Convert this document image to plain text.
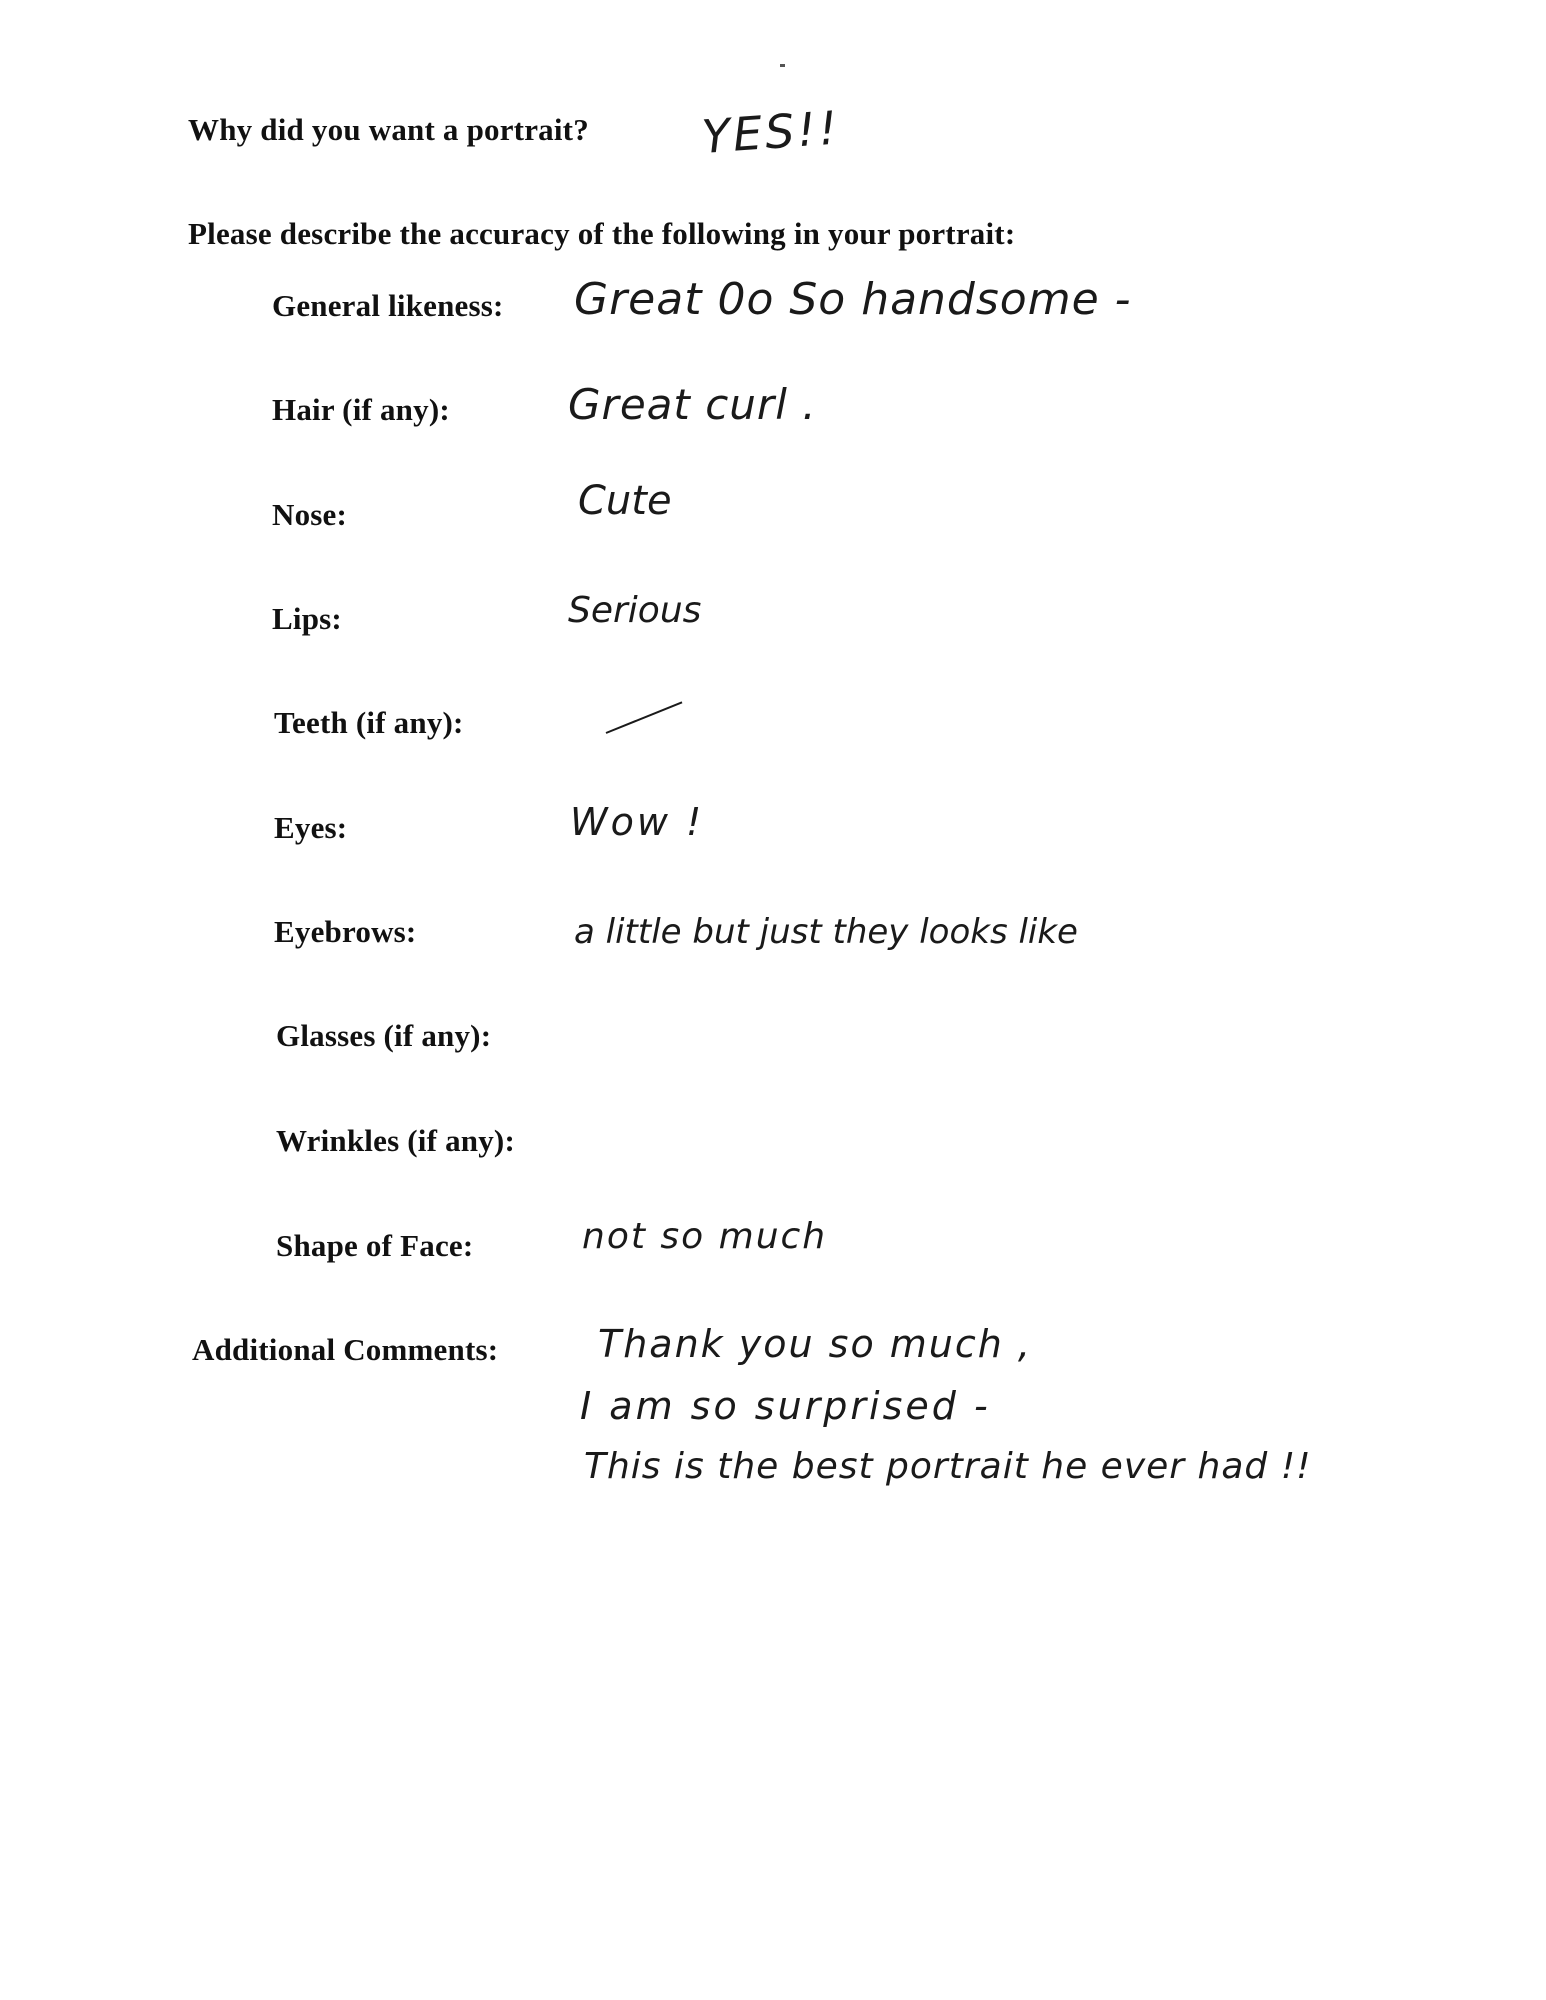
Why did you want a portrait? YES!!
Please describe the accuracy of the following in your portrait:
General likeness: Great 0o So handsome -
Hair (if any):	Great curl .
Nose:	Cute
Lips:	Serious
Teeth (if any):
Eyes:	Wow !
Eyebrows:	a little but just they looks like
Glasses (if any):
Wrinkles (if any):
Shape of Face:	not so much
Additional Comments:	Thank you so much ,
I am so surprised -
This is the best portrait he ever had !!
